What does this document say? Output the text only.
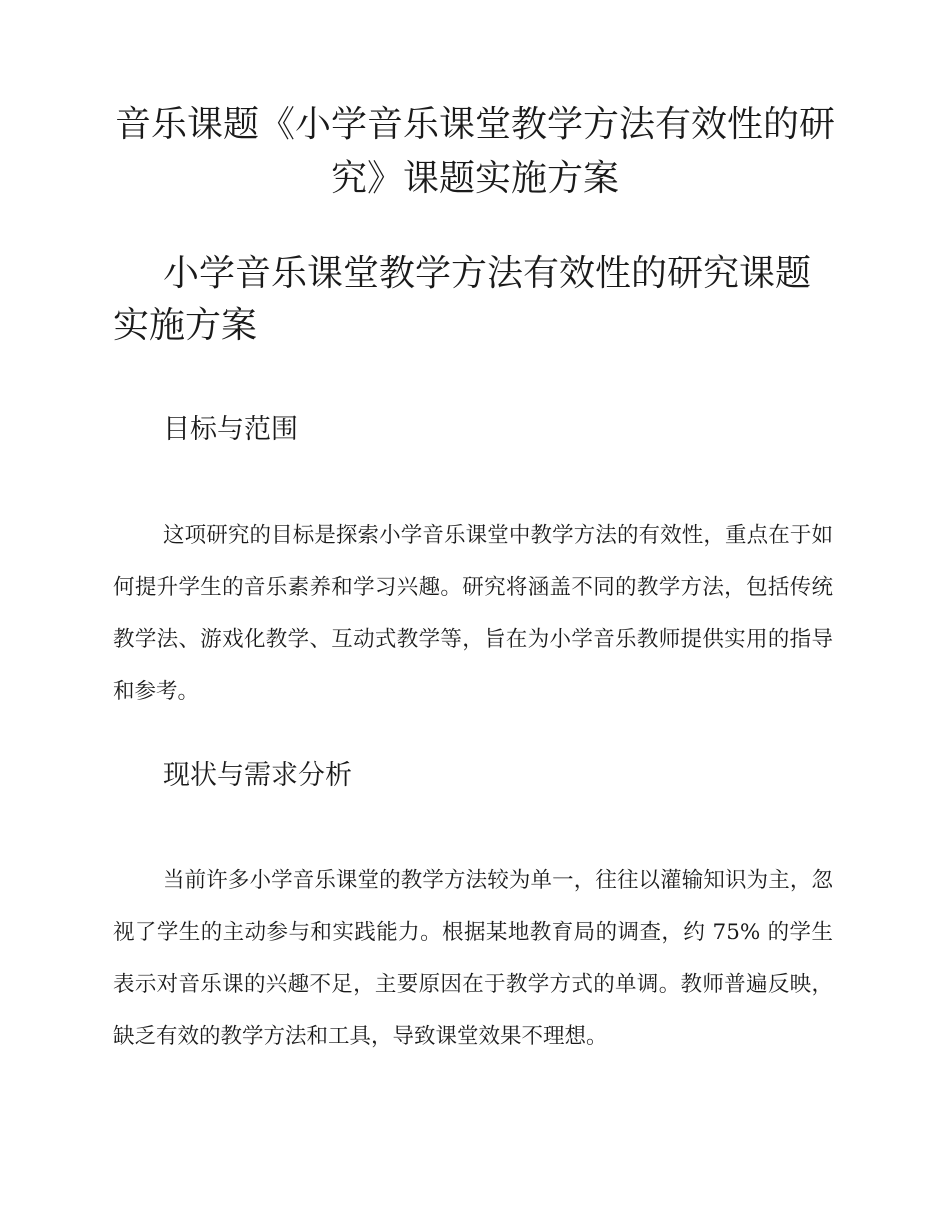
音乐课题《小学音乐课堂教学方法有效性的研究》课题实施方案
小学音乐课堂教学方法有效性的研究课题实施方案
目标与范围

这项研究的目标是探索小学音乐课堂中教学方法的有效性，重点在于如何提升学生的音乐素养和学习兴趣。研究将涵盖不同的教学方法，包括传统教学法、游戏化教学、互动式教学等，旨在为小学音乐教师提供实用的指导和参考。

现状与需求分析

当前许多小学音乐课堂的教学方法较为单一，往往以灌输知识为主，忽视了学生的主动参与和实践能力。根据某地教育局的调查，约 75% 的学生表示对音乐课的兴趣不足，主要原因在于教学方式的单调。教师普遍反映，缺乏有效的教学方法和工具，导致课堂效果不理想。
